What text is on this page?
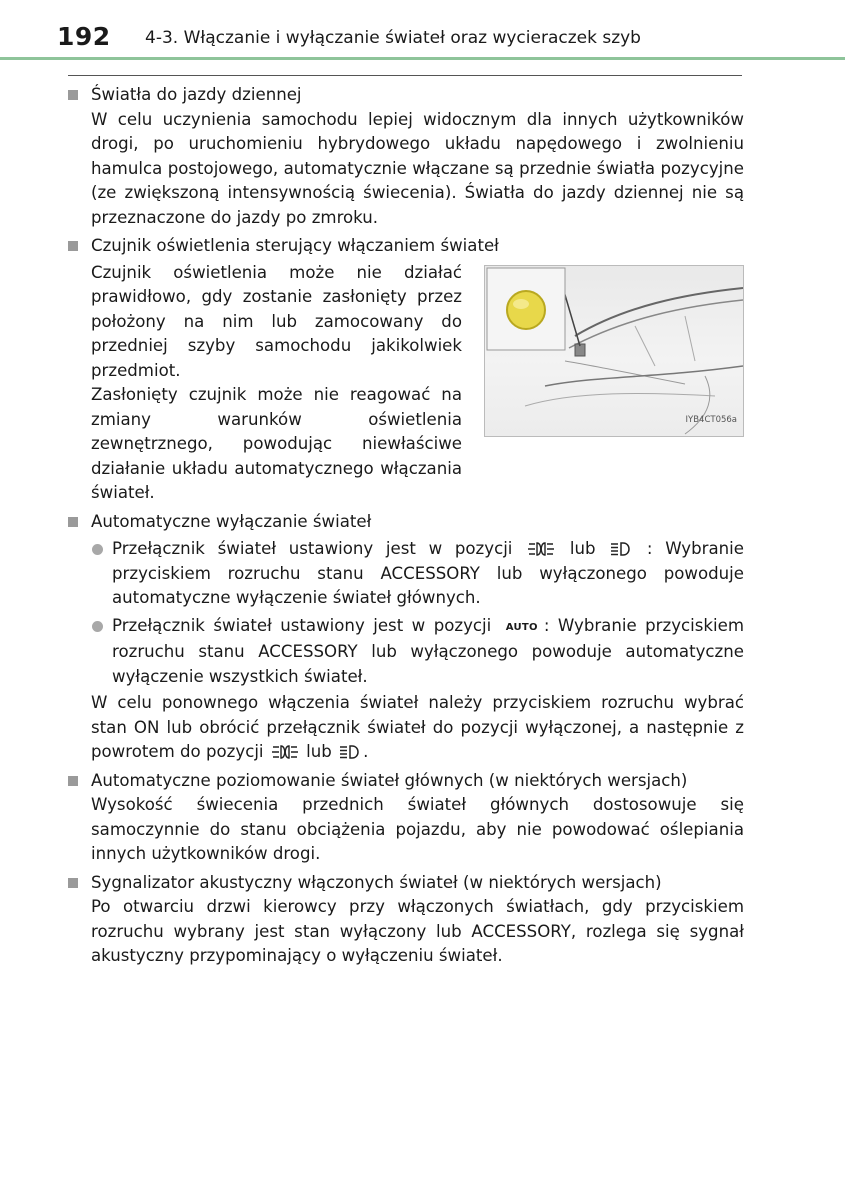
192 4-3. Włączanie i wyłączanie świateł oraz wycieraczek szyb
Światła do jazdy dziennej
W celu uczynienia samochodu lepiej widocznym dla innych użytkowników drogi, po uruchomieniu hybrydowego układu napędowego i zwolnieniu hamulca postojowego, automatycznie włączane są przednie światła pozycyjne (ze zwiększoną intensywnością świecenia). Światła do jazdy dziennej nie są przeznaczone do jazdy po zmroku.
Czujnik oświetlenia sterujący włączaniem świateł
Czujnik oświetlenia może nie działać prawidłowo, gdy zostanie zasłonięty przez położony na nim lub zamocowany do przedniej szyby samochodu jakikolwiek przedmiot.
Zasłonięty czujnik może nie reagować na zmiany warunków oświetlenia zewnętrznego, powodując niewłaściwe działanie układu automatycznego włączania świateł.
IYB4CT056a
Automatyczne wyłączanie świateł
Przełącznik świateł ustawiony jest w pozycji	lub	: Wybranie przyciskiem rozruchu stanu ACCESSORY lub wyłączonego powoduje automatyczne wyłączenie świateł głównych.
Przełącznik świateł ustawiony jest w pozycji AUTO : Wybranie przyciskiem rozruchu stanu ACCESSORY lub wyłączonego powoduje automatyczne wyłączenie wszystkich świateł.
W celu ponownego włączenia świateł należy przyciskiem rozruchu wybrać stan ON lub obrócić przełącznik świateł do pozycji wyłączonej, a następnie z powrotem do pozycji	lub .
Automatyczne poziomowanie świateł głównych (w niektórych wersjach)
Wysokość świecenia przednich świateł głównych dostosowuje się samoczynnie do stanu obciążenia pojazdu, aby nie powodować oślepiania innych użytkowników drogi.
Sygnalizator akustyczny włączonych świateł (w niektórych wersjach)
Po otwarciu drzwi kierowcy przy włączonych światłach, gdy przyciskiem rozruchu wybrany jest stan wyłączony lub ACCESSORY, rozlega się sygnał akustyczny przypominający o wyłączeniu świateł.
